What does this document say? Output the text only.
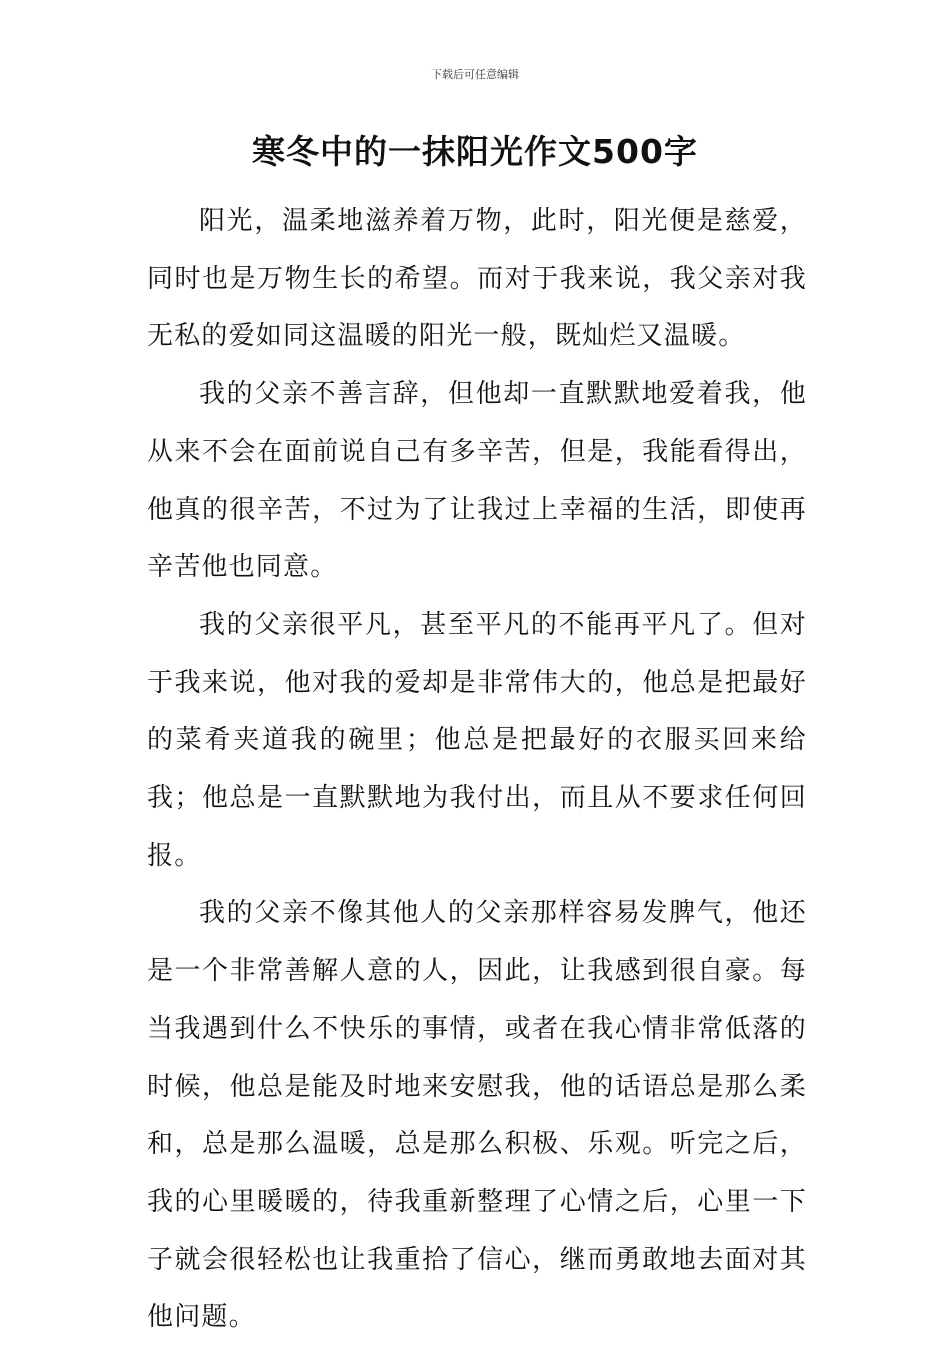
下载后可任意编辑
寒冬中的一抹阳光作文500字

阳光，温柔地滋养着万物，此时，阳光便是慈爱，同时也是万物生长的希望。而对于我来说，我父亲对我无私的爱如同这温暖的阳光一般，既灿烂又温暖。

我的父亲不善言辞，但他却一直默默地爱着我，他从来不会在面前说自己有多辛苦，但是，我能看得出，他真的很辛苦，不过为了让我过上幸福的生活，即使再辛苦他也同意。

我的父亲很平凡，甚至平凡的不能再平凡了。但对于我来说，他对我的爱却是非常伟大的，他总是把最好的菜肴夹道我的碗里；他总是把最好的衣服买回来给我；他总是一直默默地为我付出，而且从不要求任何回报。

我的父亲不像其他人的父亲那样容易发脾气，他还是一个非常善解人意的人，因此，让我感到很自豪。每当我遇到什么不快乐的事情，或者在我心情非常低落的时候，他总是能及时地来安慰我，他的话语总是那么柔和，总是那么温暖，总是那么积极、乐观。听完之后，我的心里暖暖的，待我重新整理了心情之后，心里一下子就会很轻松也让我重拾了信心，继而勇敢地去面对其他问题。
